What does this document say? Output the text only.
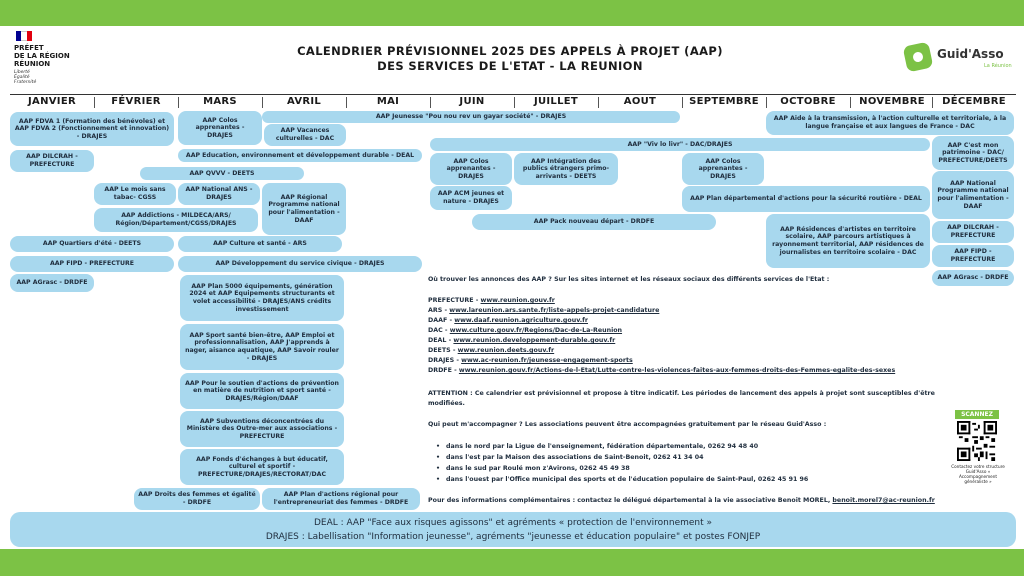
PRÉFET
DE LA RÉGION
RÉUNION
Liberté
Égalité
Fraternité
CALENDRIER PRÉVISIONNEL 2025 DES APPELS À PROJET (AAP)
DES SERVICES DE L'ETAT - LA REUNION
Guid'Asso
La Réunion
JANVIER	FÉVRIER	MARS	AVRIL	MAI	JUIN	JUILLET	AOUT	SEPTEMBRE	OCTOBRE	NOVEMBRE	DÉCEMBRE
AAP FDVA 1 (Formation des bénévoles) et AAP FDVA 2 (Fonctionnement et innovation) - DRAJES
AAP Colos apprenantes - DRAJES
AAP Jeunesse "Pou nou rev un gayar société" - DRAJES	AAP Aide à la transmission, à l'action culturelle et territoriale, à la langue française et aux langues de France - DAC
AAP Vacances culturelles - DAC
AAP "Viv lo livr" - DAC/DRAJES	AAP C'est mon patrimoine - DAC/ PREFECTURE/DEETS
AAP DILCRAH - PREFECTURE
AAP Education, environnement et développement durable - DEAL
AAP Colos apprenantes - DRAJES
AAP Intégration des publics étrangers primo-arrivants - DEETS
AAP Colos apprenantes - DRAJES
AAP National Programme national pour l'alimentation - DAAF
AAP QVVV - DEETS
AAP Le mois sans tabac- CGSS
AAP National ANS - DRAJES	AAP Régional Programme national pour l'alimentation - DAAF
AAP ACM jeunes et nature - DRAJES	AAP Plan départemental d'actions pour la sécurité routière - DEAL
AAP Addictions - MILDECA/ARS/ Région/Département/CGSS/DRAJES	AAP Pack nouveau départ - DRDFE
AAP Résidences d'artistes en territoire scolaire, AAP parcours artistiques à rayonnement territorial, AAP résidences de journalistes en territoire scolaire - DAC
AAP DILCRAH - PREFECTURE
AAP Quartiers d'été - DEETS	AAP Culture et santé - ARS
AAP FIPD - PREFECTURE
AAP FIPD - PREFECTURE	AAP Développement du service civique - DRAJES
AAP AGrasc - DRDFE
AAP AGrasc - DRDFE
AAP Plan 5000 équipements, génération 2024 et AAP Equipements structurants et volet accessibilité - DRAJES/ANS crédits investissement
AAP Sport santé bien-être, AAP Emploi et professionnalisation, AAP J'apprends à nager, aisance aquatique, AAP Savoir rouler - DRAJES
AAP Pour le soutien d'actions de prévention en matière de nutrition et sport santé - DRAJES/Région/DAAF
AAP Subventions déconcentrées du Ministère des Outre-mer aux associations - PREFECTURE
AAP Fonds d'échanges à but éducatif, culturel et sportif - PREFECTURE/DRAJES/RECTORAT/DAC
AAP Droits des femmes et égalité - DRDFE
AAP Plan d'actions régional pour l'entrepreneuriat des femmes - DRDFE
Où trouver les annonces des AAP ? Sur les sites internet et les réseaux sociaux des différents services de l'Etat :
PREFECTURE - www.reunion.gouv.fr
ARS - www.lareunion.ars.sante.fr/liste-appels-projet-candidature
DAAF - www.daaf.reunion.agriculture.gouv.fr
DAC - www.culture.gouv.fr/Regions/Dac-de-La-Reunion
DEAL - www.reunion.developpement-durable.gouv.fr
DEETS - www.reunion.deets.gouv.fr
DRAJES - www.ac-reunion.fr/jeunesse-engagement-sports
DRDFE - www.reunion.gouv.fr/Actions-de-l-Etat/Lutte-contre-les-violences-faites-aux-femmes-droits-des-Femmes-egalite-des-sexes
ATTENTION : Ce calendrier est prévisionnel et propose à titre indicatif. Les périodes de lancement des appels à projet sont susceptibles d'être
modifiées.
Qui peut m'accompagner ? Les associations peuvent être accompagnées gratuitement par le réseau Guid'Asso :
• dans le nord par la Ligue de l'enseignement, fédération départementale, 0262 94 48 40
• dans l'est par la Maison des associations de Saint-Benoit, 0262 41 34 04
• dans le sud par Roulé mon z'Avirons, 0262 45 49 38
• dans l'ouest par l'Office municipal des sports et de l'éducation populaire de Saint-Paul, 0262 45 91 96
Pour des informations complémentaires : contactez le délégué départemental à la vie associative Benoit MOREL, benoit.morel7@ac-reunion.fr
SCANNEZ
Contactez votre structure Guid'Asso « Accompagnement généraliste »
DEAL : AAP "Face aux risques agissons" et agréments « protection de l'environnement »
DRAJES : Labellisation "Information jeunesse", agréments "jeunesse et éducation populaire" et postes FONJEP
